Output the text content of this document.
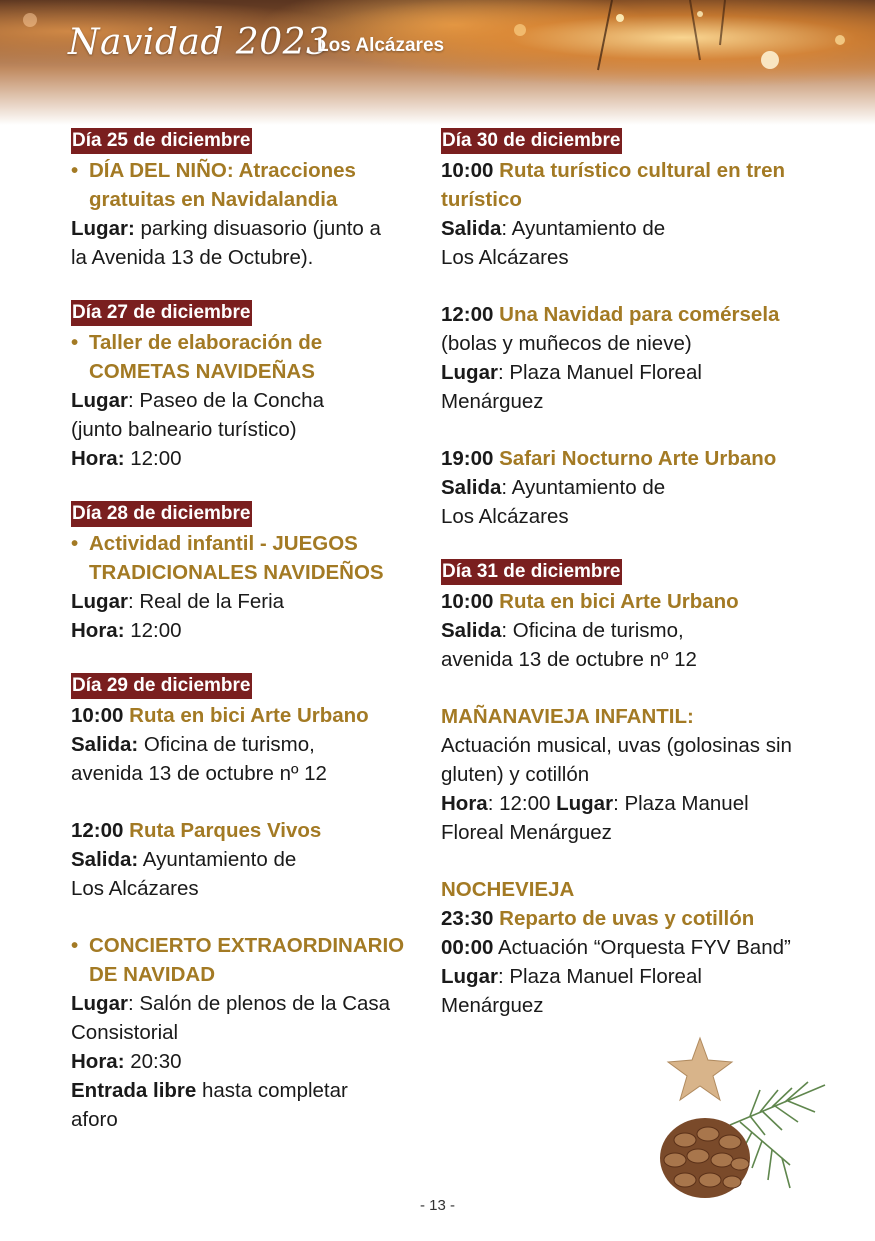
Navidad 2023
Los Alcázares
Día 25 de diciembre
• DÍA DEL NIÑO: Atracciones
gratuitas en Navidalandia
Lugar: parking disuasorio (junto a
la Avenida 13 de Octubre).
Día 27 de diciembre
• Taller de elaboración de
COMETAS NAVIDEÑAS
Lugar: Paseo de la Concha
(junto balneario turístico)
Hora: 12:00
Día 28 de diciembre
• Actividad infantil - JUEGOS
TRADICIONALES NAVIDEÑOS
Lugar: Real de la Feria
Hora: 12:00
Día 29 de diciembre
10:00 Ruta en bici Arte Urbano
Salida: Oficina de turismo,
avenida 13 de octubre nº 12
12:00 Ruta Parques Vivos
Salida: Ayuntamiento de
Los Alcázares
• CONCIERTO EXTRAORDINARIO
DE NAVIDAD
Lugar: Salón de plenos de la Casa
Consistorial
Hora: 20:30
Entrada libre hasta completar
aforo
Día 30 de diciembre
10:00 Ruta turístico cultural en tren
turístico
Salida: Ayuntamiento de
Los Alcázares
12:00 Una Navidad para comérsela
(bolas y muñecos de nieve)
Lugar: Plaza Manuel Floreal
Menárguez
19:00 Safari Nocturno Arte Urbano
Salida: Ayuntamiento de
Los Alcázares
Día 31 de diciembre
10:00 Ruta en bici Arte Urbano
Salida: Oficina de turismo,
avenida 13 de octubre nº 12
MAÑANAVIEJA INFANTIL:
Actuación musical, uvas (golosinas sin
gluten) y cotillón
Hora: 12:00 Lugar: Plaza Manuel
Floreal Menárguez
NOCHEVIEJA
23:30 Reparto de uvas y cotillón
00:00 Actuación “Orquesta FYV Band”
Lugar: Plaza Manuel Floreal
Menárguez
- 13 -
